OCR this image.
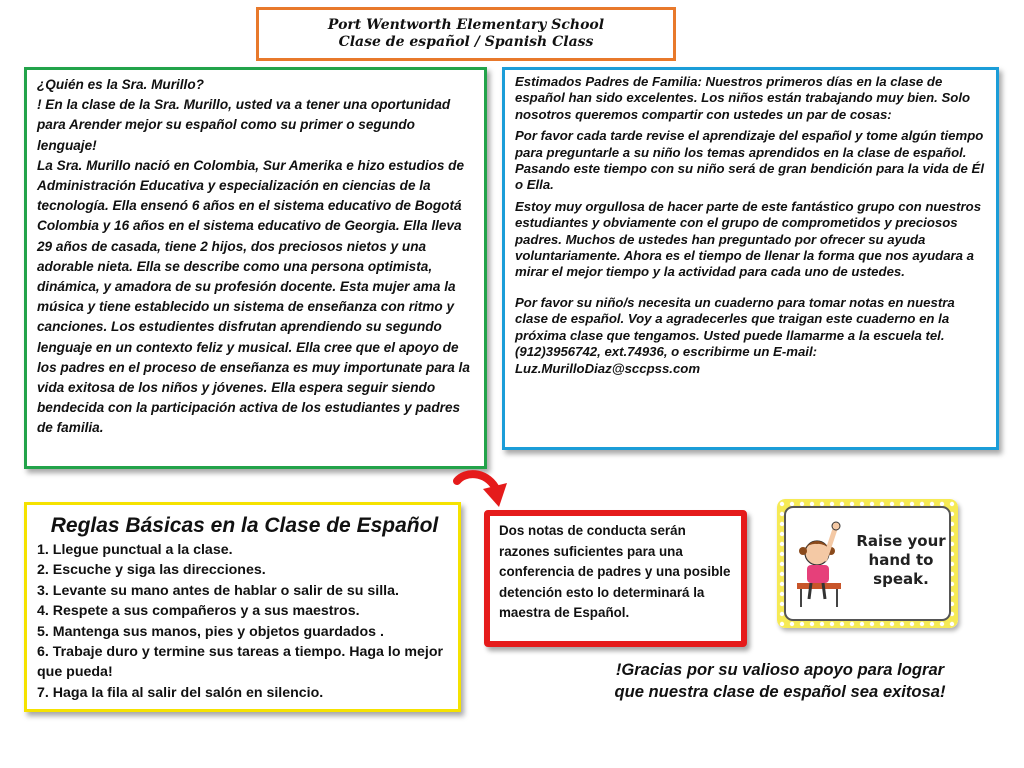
Port Wentworth Elementary School
Clase de español / Spanish Class

¿Quién es la Sra. Murillo?

! En la clase de la Sra. Murillo, usted va a tener una oportunidad para Arender mejor su español como su primer o segundo lenguaje!

La Sra. Murillo nació en Colombia, Sur Amerika e hizo estudios de Administración Educativa y especialización en ciencias de la tecnología. Ella ensenó 6 años en el sistema educativo de Bogotá Colombia y 16 años en el sistema educativo de Georgia. Ella lleva 29 años de casada, tiene 2 hijos, dos preciosos nietos y una adorable nieta. Ella se describe como una persona optimista, dinámica, y amadora de su profesión docente. Esta mujer ama la música y tiene establecido un sistema de enseñanza con ritmo y canciones. Los estudientes disfrutan aprendiendo su segundo lenguaje en un contexto feliz y musical. Ella cree que el apoyo de los padres en el proceso de enseñanza es muy importunate para la vida exitosa de los niños y jóvenes. Ella espera seguir siendo bendecida con la participación activa de los estudiantes y padres de familia.

Estimados Padres de Familia: Nuestros primeros días en la clase de español han sido excelentes. Los niños están trabajando muy bien. Solo nosotros queremos compartir con ustedes un par de cosas:

Por favor cada tarde revise el aprendizaje del español y tome algún tiempo para preguntarle a su niño los temas aprendidos en la clase de español. Pasando este tiempo con su niño será de gran bendición para la vida de Él o Ella.

Estoy muy orgullosa de hacer parte de este fantástico grupo con nuestros estudiantes y obviamente con el grupo de comprometidos y preciosos padres. Muchos de ustedes han preguntado por ofrecer su ayuda voluntariamente. Ahora es el tiempo de llenar la forma que nos ayudara a mirar el mejor tiempo y la actividad para cada uno de ustedes.

Por favor su niño/s necesita un cuaderno para tomar notas en nuestra clase de español. Voy a agradecerles que traigan este cuaderno en la próxima clase que tengamos. Usted puede llamarme a la escuela tel. (912)3956742, ext.74936, o escribirme un E-mail: Luz.MurilloDiaz@sccpss.com

Reglas Básicas en la Clase de Español
1. Llegue punctual a la clase.
2. Escuche y siga las direcciones.
3. Levante su mano antes de hablar o salir de su silla.
4. Respete a sus compañeros y a sus maestros.
5. Mantenga sus manos, pies y objetos guardados .
6. Trabaje duro y termine sus tareas a tiempo. Haga lo mejor que pueda!
7. Haga la fila al salir del salón en silencio.
Dos notas de conducta serán razones suficientes para una conferencia de padres y una posible detención esto lo determinará la maestra de Español.
Raise your
hand to
speak.
!Gracias por su valioso apoyo para lograr
que nuestra clase de español sea exitosa!
